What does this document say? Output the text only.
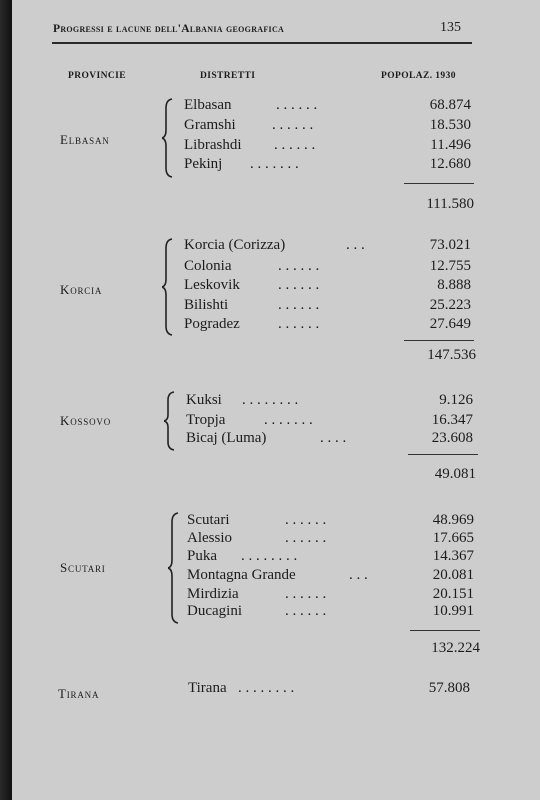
Progressi e lacune dell'Albania geografica	135
PROVINCIE	DISTRETTI	POPOLAZ. 1930
Elbasan
Elbasan	. . . . . .	68.874
Gramshi . . . . . .	18.530
Librashdi . . . . . .	11.496
Pekinj . . . . . . .	12.680
111.580
Korcia
Korcia (Corizza)	. . .	73.021
Colonia	. . . . . .	12.755
Leskovik	. . . . . .	8.888
Bilishti	. . . . . .	25.223
Pogradez	. . . . . .	27.649
147.536
Kossovo
Kuksi . . . . . . . .	9.126
Tropja	. . . . . . .	16.347
Bicaj (Luma)	. . . .	23.608
49.081
Scutari
Scutari	. . . . . .	48.969
Alessio	. . . . . .	17.665
Puka . . . . . . . .	14.367
Montagna Grande	. . .	20.081
Mirdizia	. . . . . .	20.151
Ducagini	. . . . . .	10.991
132.224
Tirana	Tirana . . . . . . . .	57.808
